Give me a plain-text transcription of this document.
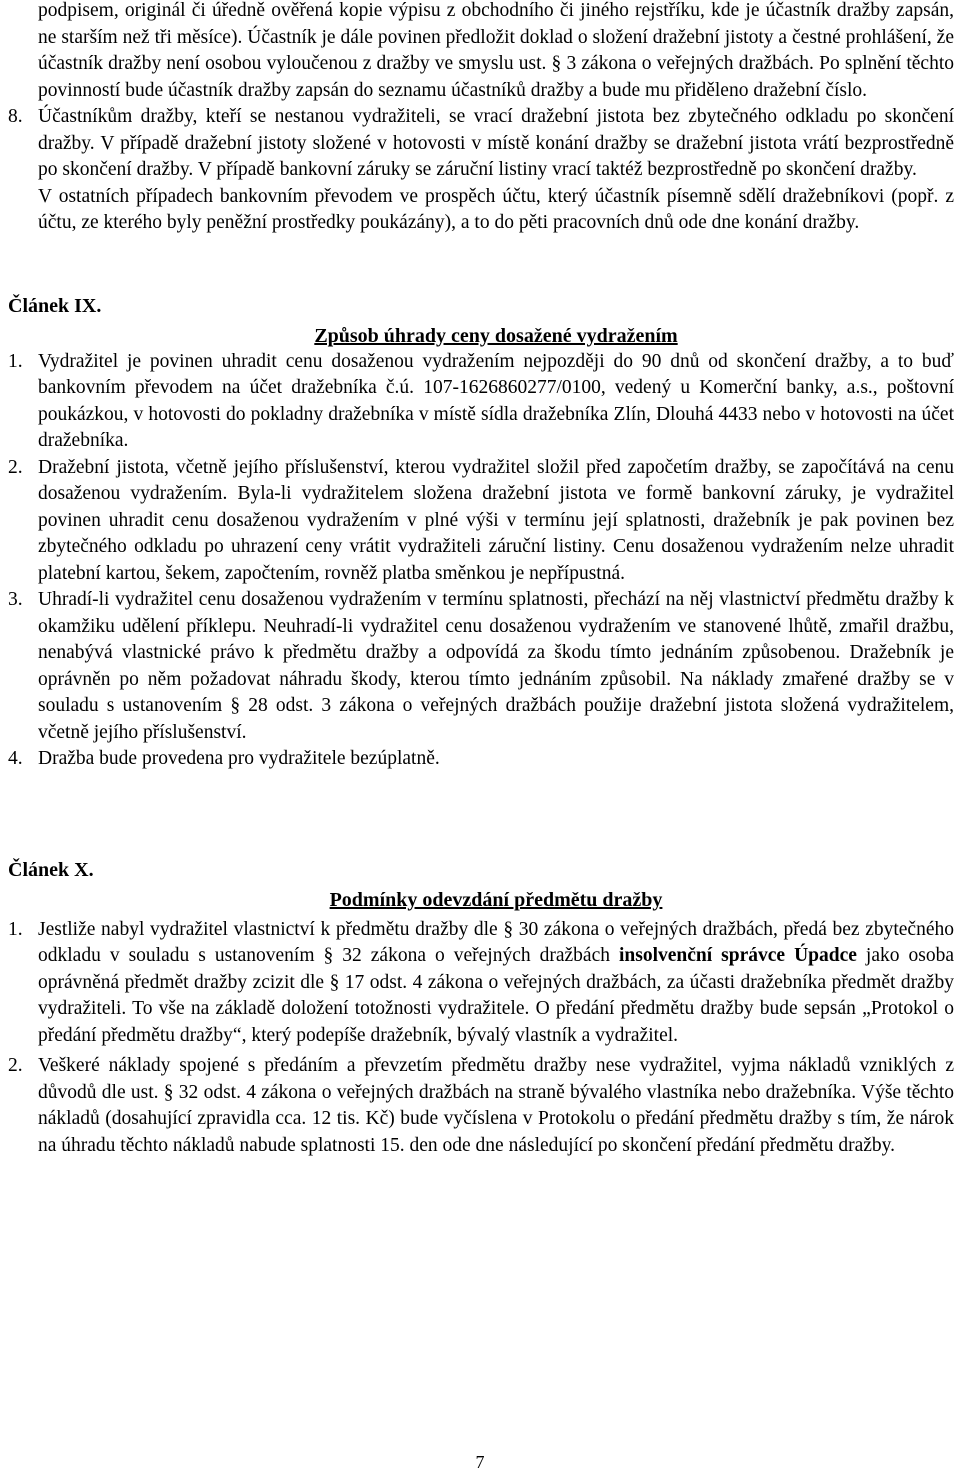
podpisem, originál či úředně ověřená kopie výpisu z obchodního či jiného rejstříku, kde je účastník dražby zapsán, ne starším než tři měsíce). Účastník je dále povinen předložit doklad o složení dražební jistoty a čestné prohlášení, že účastník dražby není osobou vyloučenou z dražby ve smyslu ust. § 3 zákona o veřejných dražbách. Po splnění těchto povinností bude účastník dražby zapsán do seznamu účastníků dražby a bude mu přiděleno dražební číslo.

8. Účastníkům dražby, kteří se nestanou vydražiteli, se vrací dražební jistota bez zbytečného odkladu po skončení dražby. V případě dražební jistoty složené v hotovosti v místě konání dražby se dražební jistota vrátí bezprostředně po skončení dražby. V případě bankovní záruky se záruční listiny vrací taktéž bezprostředně po skončení dražby.

V ostatních případech bankovním převodem ve prospěch účtu, který účastník písemně sdělí dražebníkovi (popř. z účtu, ze kterého byly peněžní prostředky poukázány), a to do pěti pracovních dnů ode dne konání dražby.

Článek IX.

Způsob úhrady ceny dosažené vydražením

1. Vydražitel je povinen uhradit cenu dosaženou vydražením nejpozději do 90 dnů od skončení dražby, a to buď bankovním převodem na účet dražebníka č.ú. 107-1626860277/0100, vedený u Komerční banky, a.s., poštovní poukázkou, v hotovosti do pokladny dražebníka v místě sídla dražebníka Zlín, Dlouhá 4433 nebo v hotovosti na účet dražebníka.

2. Dražební jistota, včetně jejího příslušenství, kterou vydražitel složil před započetím dražby, se započítává na cenu dosaženou vydražením. Byla-li vydražitelem složena dražební jistota ve formě bankovní záruky, je vydražitel povinen uhradit cenu dosaženou vydražením v plné výši v termínu její splatnosti, dražebník je pak povinen bez zbytečného odkladu po uhrazení ceny vrátit vydražiteli záruční listiny. Cenu dosaženou vydražením nelze uhradit platební kartou, šekem, započtením, rovněž platba směnkou je nepřípustná.

3. Uhradí-li vydražitel cenu dosaženou vydražením v termínu splatnosti, přechází na něj vlastnictví předmětu dražby k okamžiku udělení příklepu. Neuhradí-li vydražitel cenu dosaženou vydražením ve stanovené lhůtě, zmařil dražbu, nenabývá vlastnické právo k předmětu dražby a odpovídá za škodu tímto jednáním způsobenou. Dražebník je oprávněn po něm požadovat náhradu škody, kterou tímto jednáním způsobil. Na náklady zmařené dražby se v souladu s ustanovením § 28 odst. 3 zákona o veřejných dražbách použije dražební jistota složená vydražitelem, včetně jejího příslušenství.

4. Dražba bude provedena pro vydražitele bezúplatně.

Článek X.

Podmínky odevzdání předmětu dražby

1. Jestliže nabyl vydražitel vlastnictví k předmětu dražby dle § 30 zákona o veřejných dražbách, předá bez zbytečného odkladu v souladu s ustanovením § 32 zákona o veřejných dražbách insolvenční správce Úpadce jako osoba oprávněná předmět dražby zcizit dle § 17 odst. 4 zákona o veřejných dražbách, za účasti dražebníka předmět dražby vydražiteli. To vše na základě doložení totožnosti vydražitele. O předání předmětu dražby bude sepsán „Protokol o předání předmětu dražby“, který podepíše dražebník, bývalý vlastník a vydražitel.

2. Veškeré náklady spojené s předáním a převzetím předmětu dražby nese vydražitel, vyjma nákladů vzniklých z důvodů dle ust. § 32 odst. 4 zákona o veřejných dražbách na straně bývalého vlastníka nebo dražebníka. Výše těchto nákladů (dosahující zpravidla cca. 12 tis. Kč) bude vyčíslena v Protokolu o předání předmětu dražby s tím, že nárok na úhradu těchto nákladů nabude splatnosti 15. den ode dne následující po skončení předání předmětu dražby.

7
